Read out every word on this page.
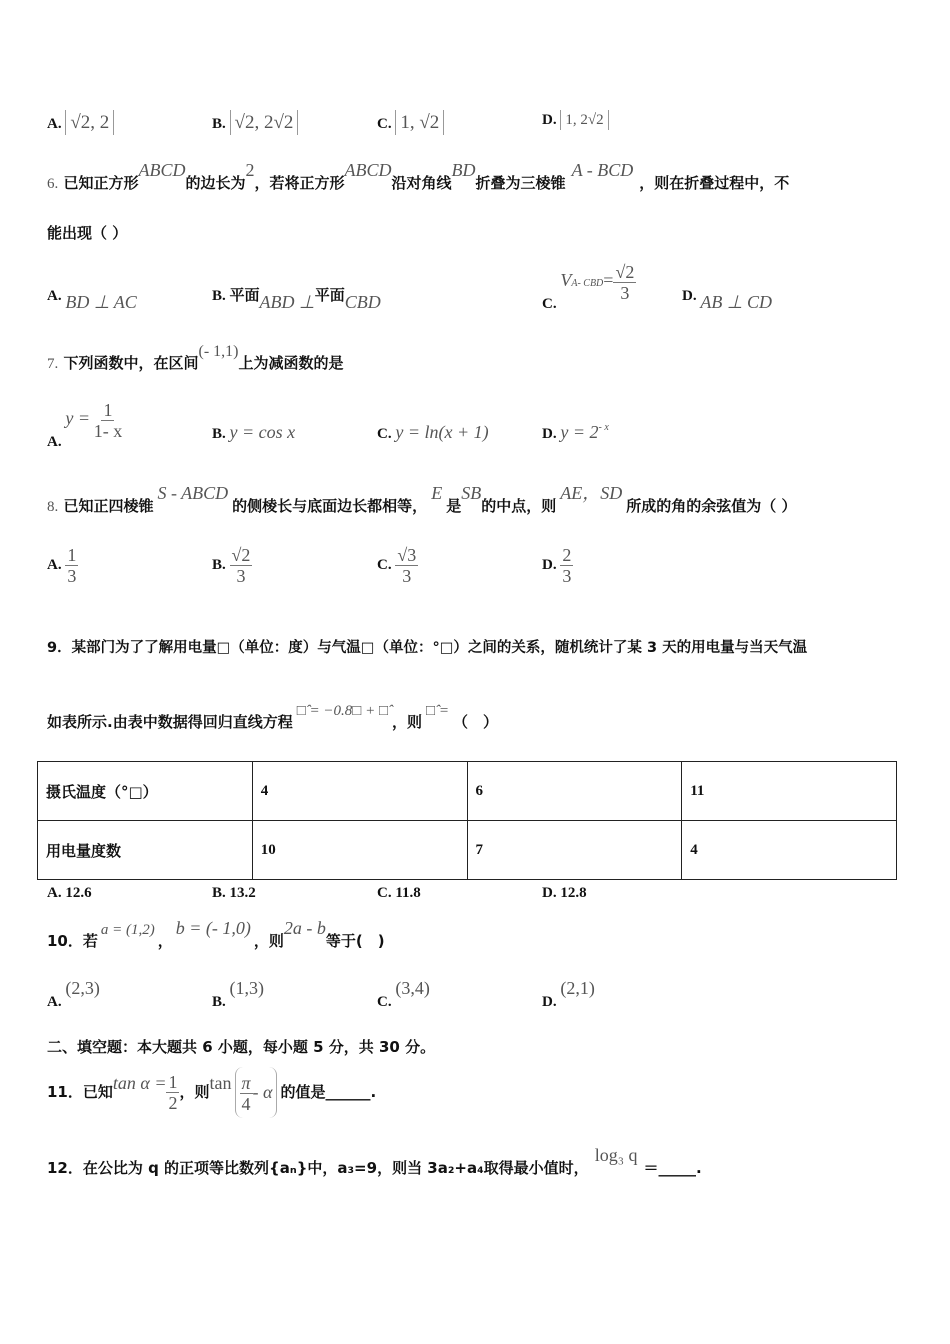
A. √2, 2	B. √2, 2√2	C. 1, √2	D. 1, 2√2
6. 已知正方形ABCD的边长为2，若将正方形ABCD沿对角线BD折叠为三棱锥A - BCD，则在折叠过程中，不
能出现（ ）
A. BD ⊥ AC	B. 平面ABD ⊥平面CBD	C. VA- $CBD= \frac{√2}{3}$	D. AB ⊥ CD
7. 下列函数中，在区间(- 1,1)上为减函数的是
A. $y = \frac{1}{1- x}$	B. y = cos x	C. y = ln(x + 1)	D. $y = 2^{- x}$
8. 已知正四棱锥S - ABCD的侧棱长与底面边长都相等，E是SB的中点，则AE，SD所成的角的余弦值为（ ）
A. $\frac{1}{3}$	B. $\frac{√2}{3}$	C. $\frac{√3}{3}$	D. $\frac{2}{3}$
9．某部门为了了解用电量□（单位：度）与气温□（单位：°□）之间的关系，随机统计了某 3 天的用电量与当天气温
如表所示.由表中数据得回归直线方程□̂ = −0.8□ + □̂，则□̂ =（　）
摄氏温度（°□）	4	6	11
用电量度数	10	7	4
A. 12.6	B. 13.2	C. 11.8	D. 12.8
10．若a = (1,2)，b = (- 1,0)，则2a - b等于(　)
A. (2,3)
B. (1,3)
C. (3,4)
D. (2,1)
二、填空题：本大题共 6 小题，每小题 5 分，共 30 分。
11．已知$\tan \alpha = \frac{1}{2}$ ，则$\tan \frac{\pi}{4}$ - α 的值是______.
12．在公比为 q 的正项等比数列{aₙ}中，a₃=9，则当 3a₂+a₄取得最小值时，log₃ q＝_____.
